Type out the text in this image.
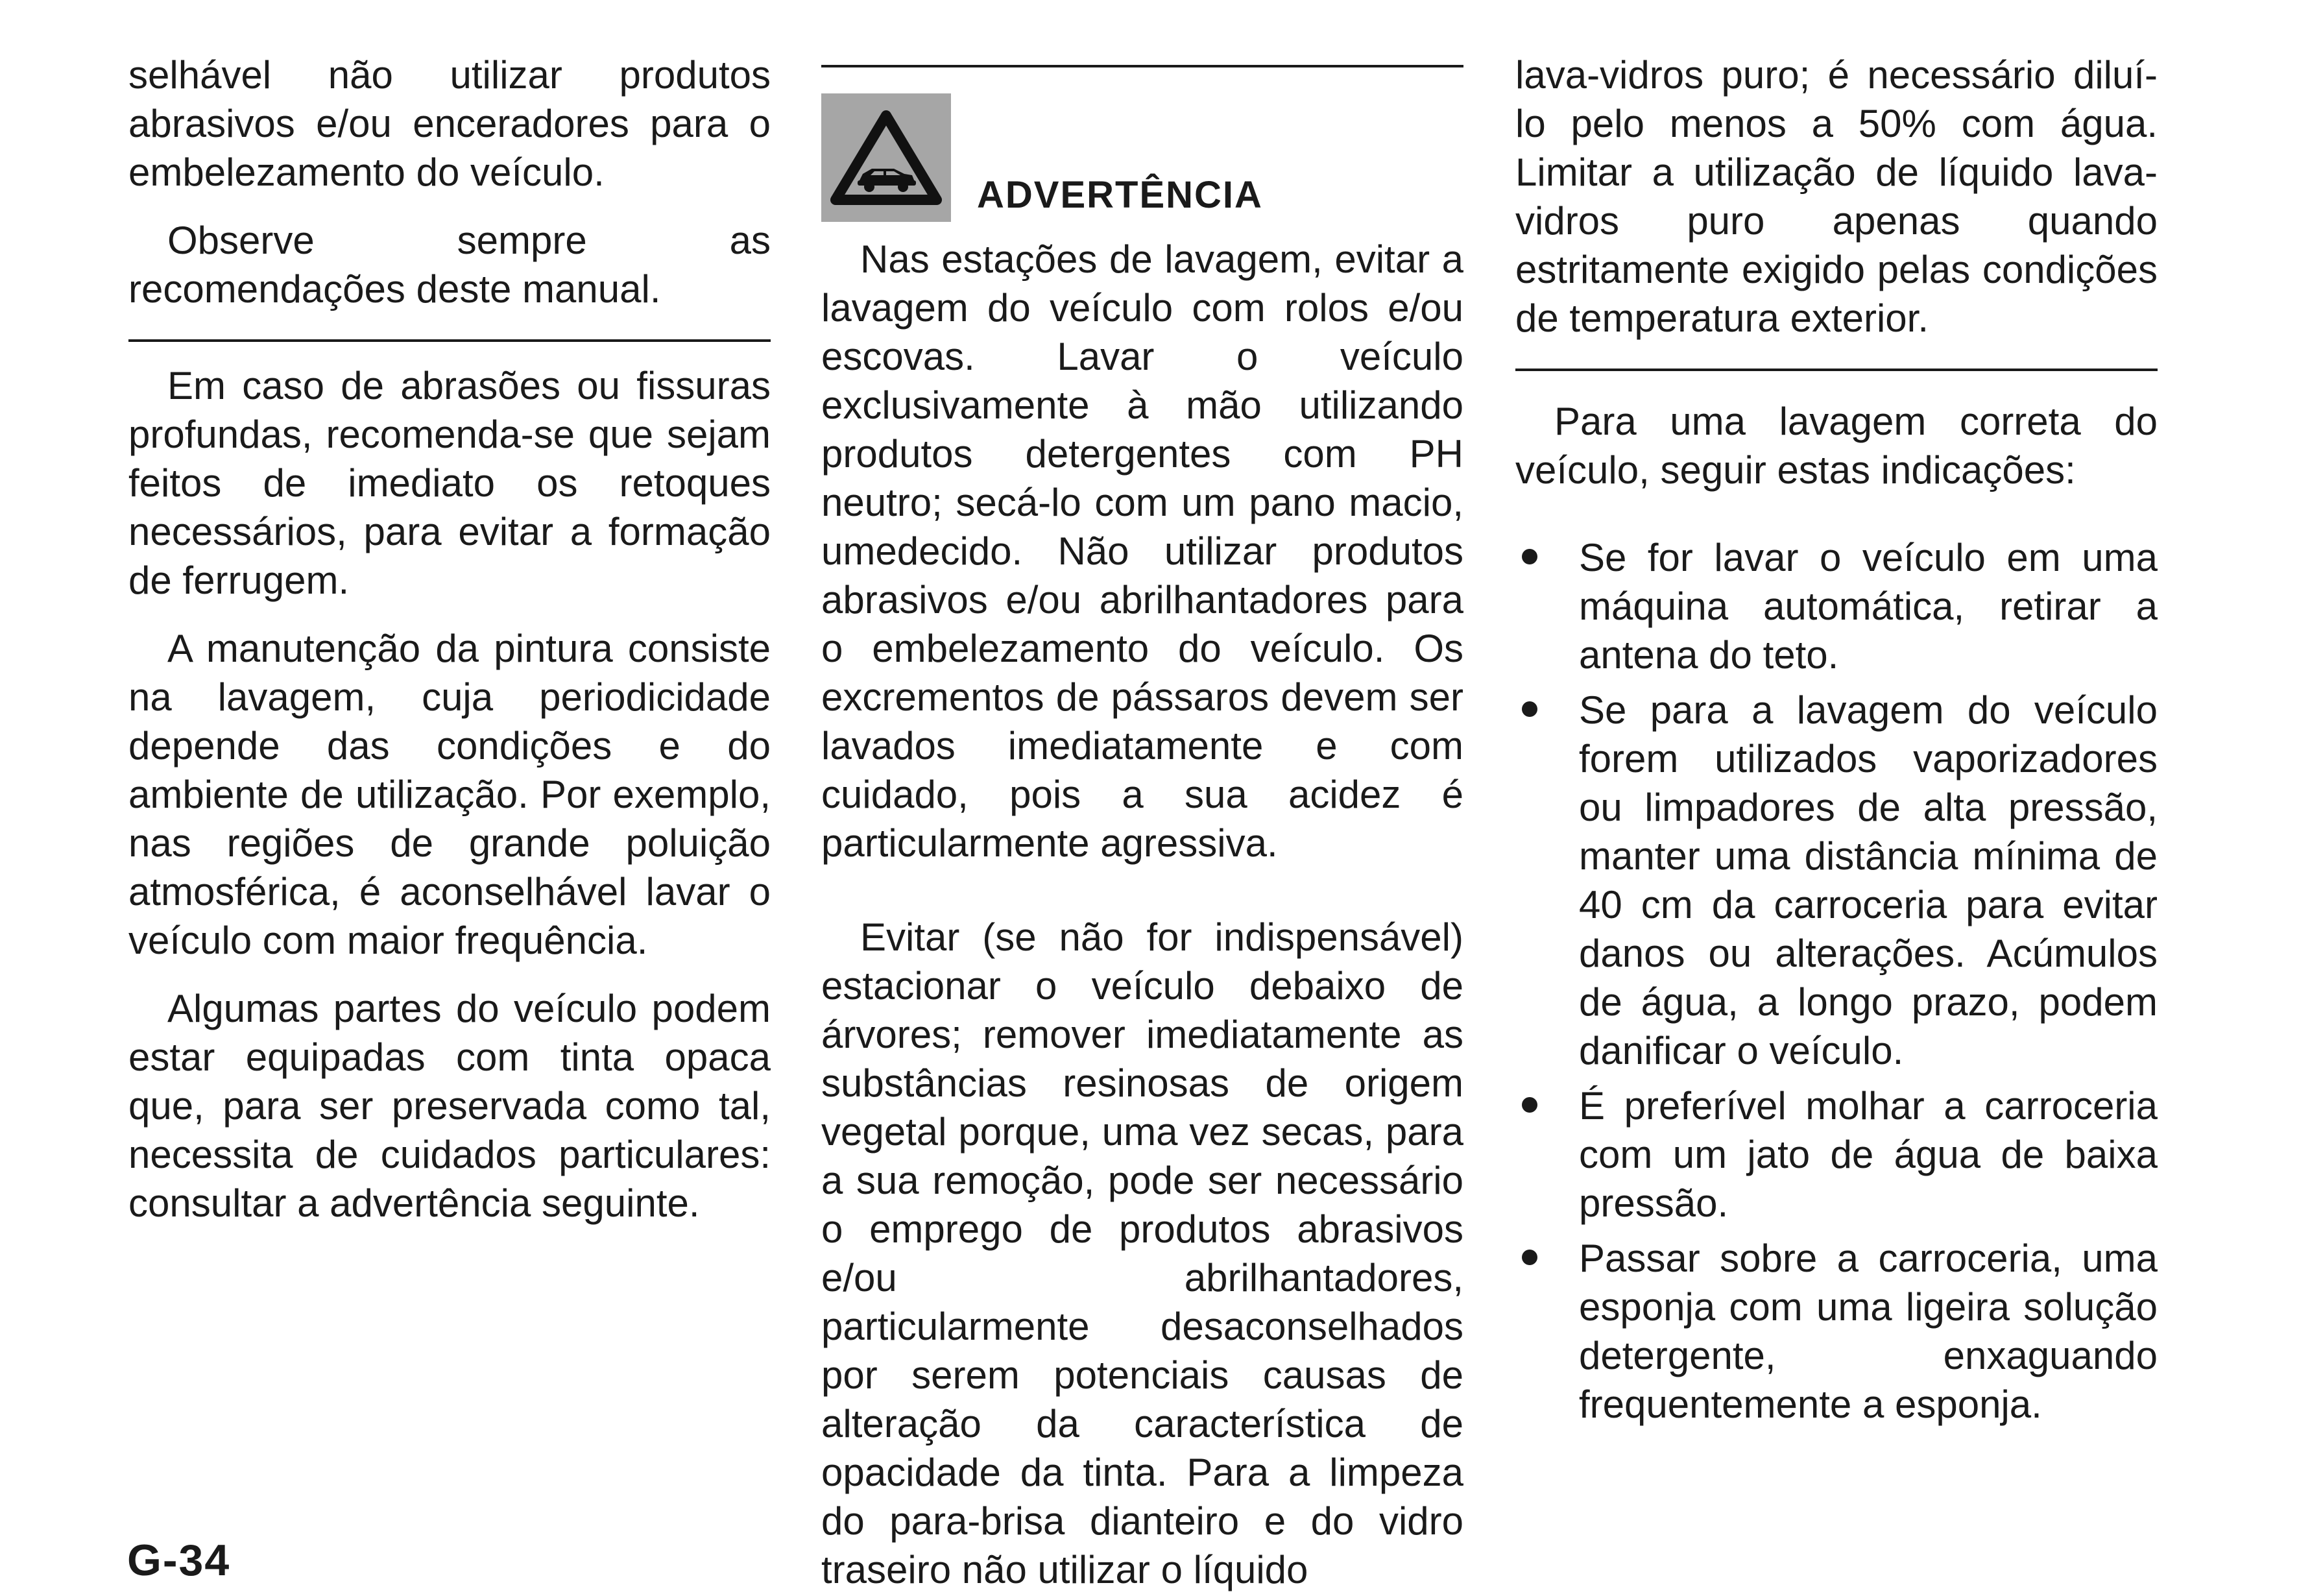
selhável não utilizar produtos abrasivos e/ou enceradores para o embelezamento do veículo.

Observe sempre as recomendações deste manual.

Em caso de abrasões ou fissuras profundas, recomenda-se que sejam feitos de imediato os retoques necessários, para evitar a formação de ferrugem.

A manutenção da pintura consiste na lavagem, cuja periodicidade depende das condições e do ambiente de utilização. Por exemplo, nas regiões de grande poluição atmosférica, é aconselhável lavar o veículo com maior frequência.

Algumas partes do veículo podem estar equipadas com tinta opaca que, para ser preservada como tal, necessita de cuidados particulares: consultar a advertência seguinte.

ADVERTÊNCIA

Nas estações de lavagem, evitar a lavagem do veículo com rolos e/ou escovas. Lavar o veículo exclusivamente à mão utilizando produtos detergentes com PH neutro; secá-lo com um pano macio, umedecido. Não utilizar produtos abrasivos e/ou abrilhantadores para o embelezamento do veículo. Os excrementos de pássaros devem ser lavados imediatamente e com cuidado, pois a sua acidez é particularmente agressiva.

Evitar (se não for indispensável) estacionar o veículo debaixo de árvores; remover imediatamente as substâncias resinosas de origem vegetal porque, uma vez secas, para a sua remoção, pode ser necessário o emprego de produtos abrasivos e/ou abrilhantadores, particularmente desaconselhados por serem potenciais causas de alteração da característica de opacidade da tinta. Para a limpeza do para-brisa dianteiro e do vidro traseiro não utilizar o líquido

lava-vidros puro; é necessário diluí-lo pelo menos a 50% com água. Limitar a utilização de líquido lava-vidros puro apenas quando estritamente exigido pelas condições de temperatura exterior.

Para uma lavagem correta do veículo, seguir estas indicações:

Se for lavar o veículo em uma máquina automática, retirar a antena do teto.
Se para a lavagem do veículo forem utilizados vaporizadores ou limpadores de alta pressão, manter uma distância mínima de 40 cm da carroceria para evitar danos ou alterações. Acúmulos de água, a longo prazo, podem danificar o veículo.
É preferível molhar a carroceria com um jato de água de baixa pressão.
Passar sobre a carroceria, uma esponja com uma ligeira solução detergente, enxaguando frequentemente a esponja.
G-34
